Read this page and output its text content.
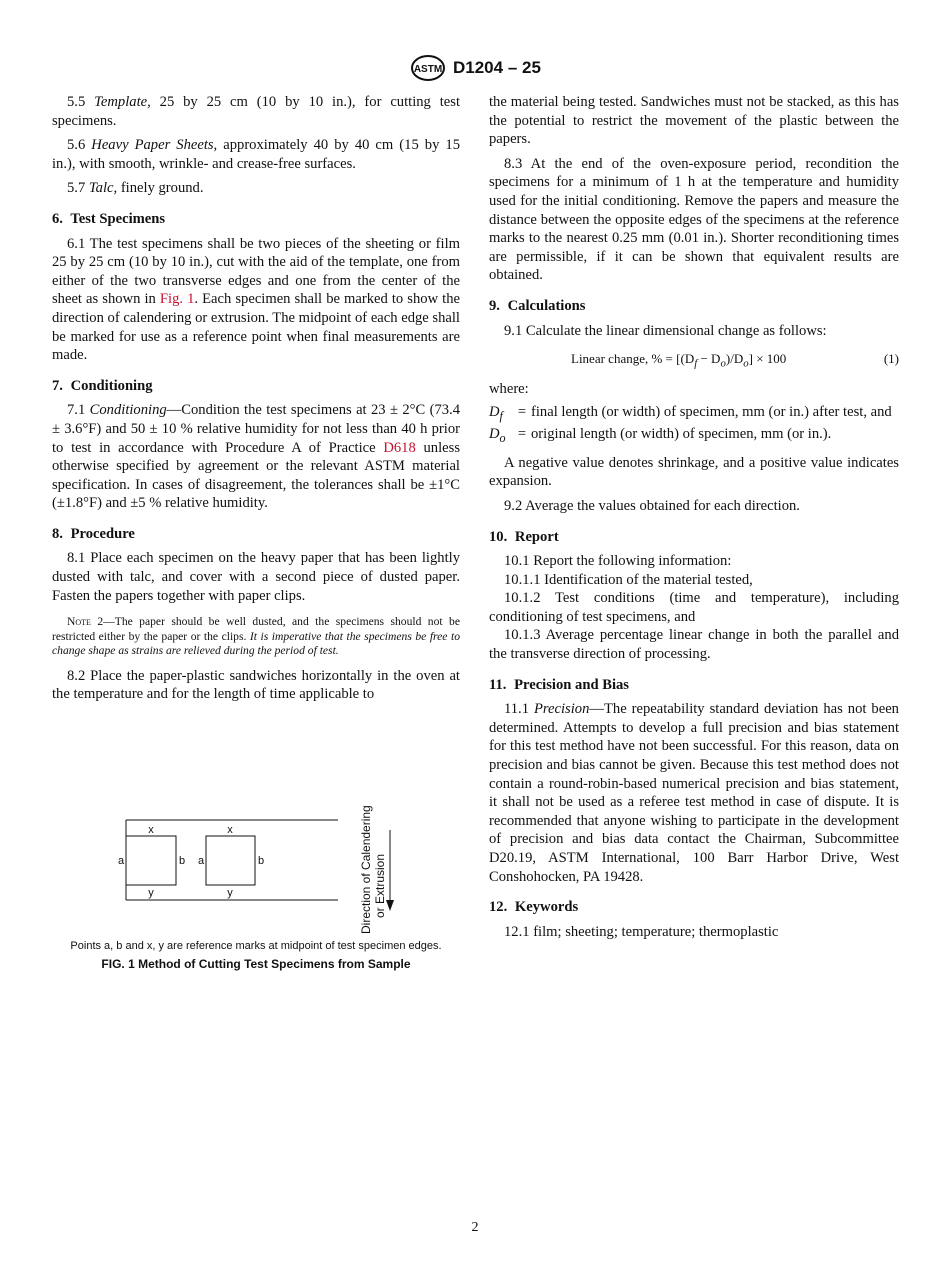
ASTM D1204 – 25

5.5 Template, 25 by 25 cm (10 by 10 in.), for cutting test specimens.

5.6 Heavy Paper Sheets, approximately 40 by 40 cm (15 by 15 in.), with smooth, wrinkle- and crease-free surfaces.

5.7 Talc, finely ground.

6. Test Specimens

6.1 The test specimens shall be two pieces of the sheeting or film 25 by 25 cm (10 by 10 in.), cut with the aid of the template, one from either of the two transverse edges and one from the center of the sheet as shown in Fig. 1. Each specimen shall be marked to show the direction of calendering or extrusion. The midpoint of each edge shall be marked for use as a reference point when final measurements are made.

7. Conditioning

7.1 Conditioning—Condition the test specimens at 23 ± 2°C (73.4 ± 3.6°F) and 50 ± 10 % relative humidity for not less than 40 h prior to test in accordance with Procedure A of Practice D618 unless otherwise specified by agreement or the relevant ASTM material specification. In cases of disagreement, the tolerances shall be ±1°C (±1.8°F) and ±5 % relative humidity.

8. Procedure

8.1 Place each specimen on the heavy paper that has been lightly dusted with talc, and cover with a second piece of dusted paper. Fasten the papers together with paper clips.

Note 2—The paper should be well dusted, and the specimens should not be restricted either by the paper or the clips. It is imperative that the specimens be free to change shape as strains are relieved during the period of test.

8.2 Place the paper-plastic sandwiches horizontally in the oven at the temperature and for the length of time applicable to

x
y
a	b
x
y
a	b	Direction of Calendering or Extrusion
Points a, b and x, y are reference marks at midpoint of test specimen edges.
FIG. 1 Method of Cutting Test Specimens from Sample

the material being tested. Sandwiches must not be stacked, as this has the potential to restrict the movement of the plastic between the papers.

8.3 At the end of the oven-exposure period, recondition the specimens for a minimum of 1 h at the temperature and humidity used for the initial conditioning. Remove the papers and measure the distance between the opposite edges of the specimens at the reference marks to the nearest 0.25 mm (0.01 in.). Shorter reconditioning times are permissible, if it can be shown that equivalent results are obtained.

9. Calculations

9.1 Calculate the linear dimensional change as follows:

Linear change, % = $[(D_f - D_o)/D_o] \times 100$	(1)

where:

$D_f$	= final length (or width) of specimen, mm (or in.) after test, and
$D_o$ = original length (or width) of specimen, mm (or in.).

A negative value denotes shrinkage, and a positive value indicates expansion.

9.2 Average the values obtained for each direction.

10. Report

10.1 Report the following information:

10.1.1 Identification of the material tested,

10.1.2 Test conditions (time and temperature), including conditioning of test specimens, and

10.1.3 Average percentage linear change in both the parallel and the transverse direction of processing.

11. Precision and Bias

11.1 Precision—The repeatability standard deviation has not been determined. Attempts to develop a full precision and bias statement for this test method have not been successful. For this reason, data on precision and bias cannot be given. Because this test method does not contain a round-robin-based numerical precision and bias statement, it shall not be used as a referee test method in case of dispute. It is recommended that anyone wishing to participate in the development of precision and bias data contact the Chairman, Subcommittee D20.19, ASTM International, 100 Barr Harbor Drive, West Conshohocken, PA 19428.

12. Keywords

12.1 film; sheeting; temperature; thermoplastic

2
